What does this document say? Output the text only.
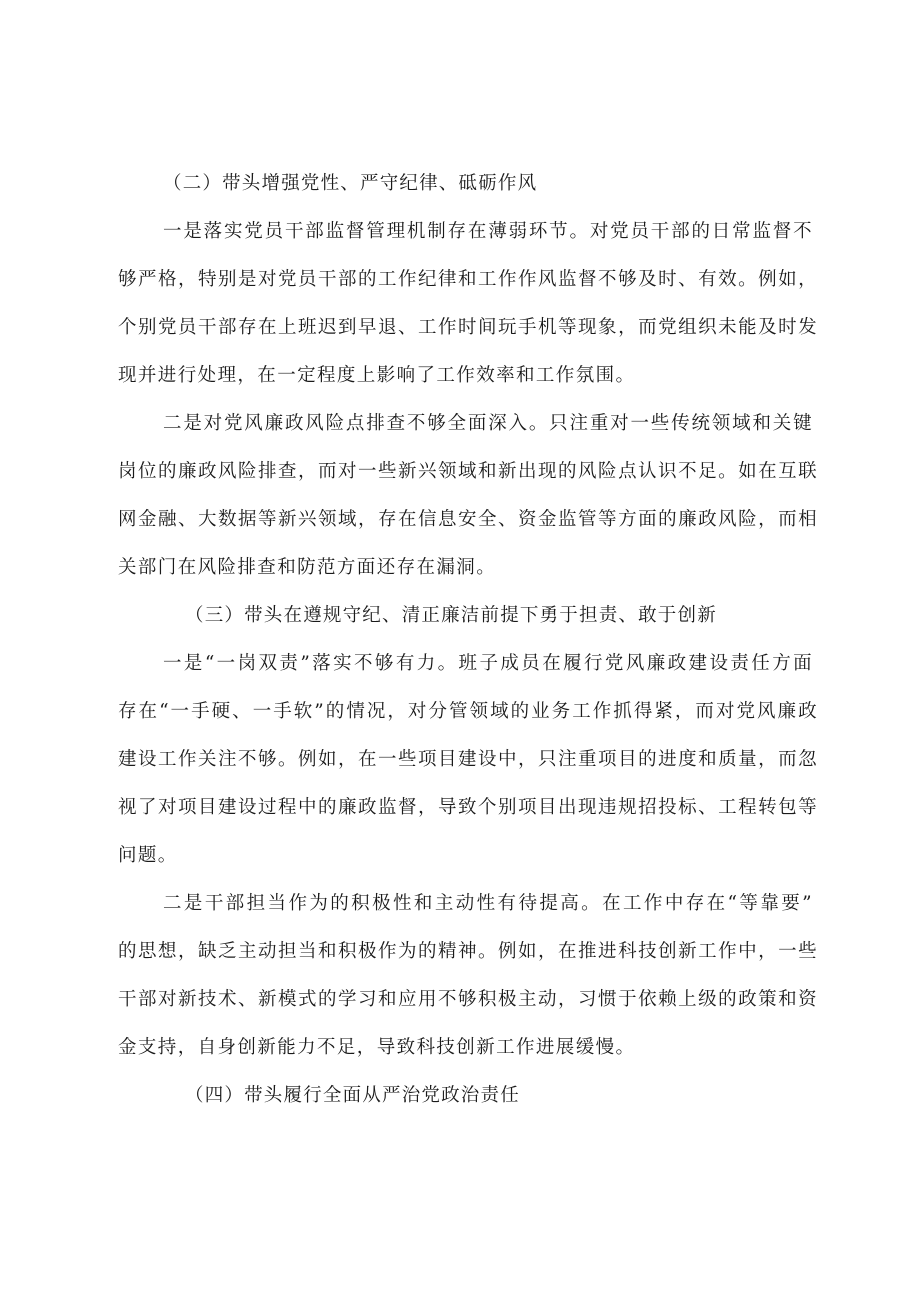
（二）带头增强党性、严守纪律、砥砺作风
一是落实党员干部监督管理机制存在薄弱环节。对党员干部的日常监督不
够严格，特别是对党员干部的工作纪律和工作作风监督不够及时、有效。例如，
个别党员干部存在上班迟到早退、工作时间玩手机等现象，而党组织未能及时发
现并进行处理，在一定程度上影响了工作效率和工作氛围。
二是对党风廉政风险点排查不够全面深入。只注重对一些传统领域和关键
岗位的廉政风险排查，而对一些新兴领域和新出现的风险点认识不足。如在互联
网金融、大数据等新兴领域，存在信息安全、资金监管等方面的廉政风险，而相
关部门在风险排查和防范方面还存在漏洞。
（三）带头在遵规守纪、清正廉洁前提下勇于担责、敢于创新
一是“一岗双责”落实不够有力。班子成员在履行党风廉政建设责任方面
存在“一手硬、一手软”的情况，对分管领域的业务工作抓得紧，而对党风廉政
建设工作关注不够。例如，在一些项目建设中，只注重项目的进度和质量，而忽
视了对项目建设过程中的廉政监督，导致个别项目出现违规招投标、工程转包等
问题。
二是干部担当作为的积极性和主动性有待提高。在工作中存在“等靠要”
的思想，缺乏主动担当和积极作为的精神。例如，在推进科技创新工作中，一些
干部对新技术、新模式的学习和应用不够积极主动，习惯于依赖上级的政策和资
金支持，自身创新能力不足，导致科技创新工作进展缓慢。
（四）带头履行全面从严治党政治责任
